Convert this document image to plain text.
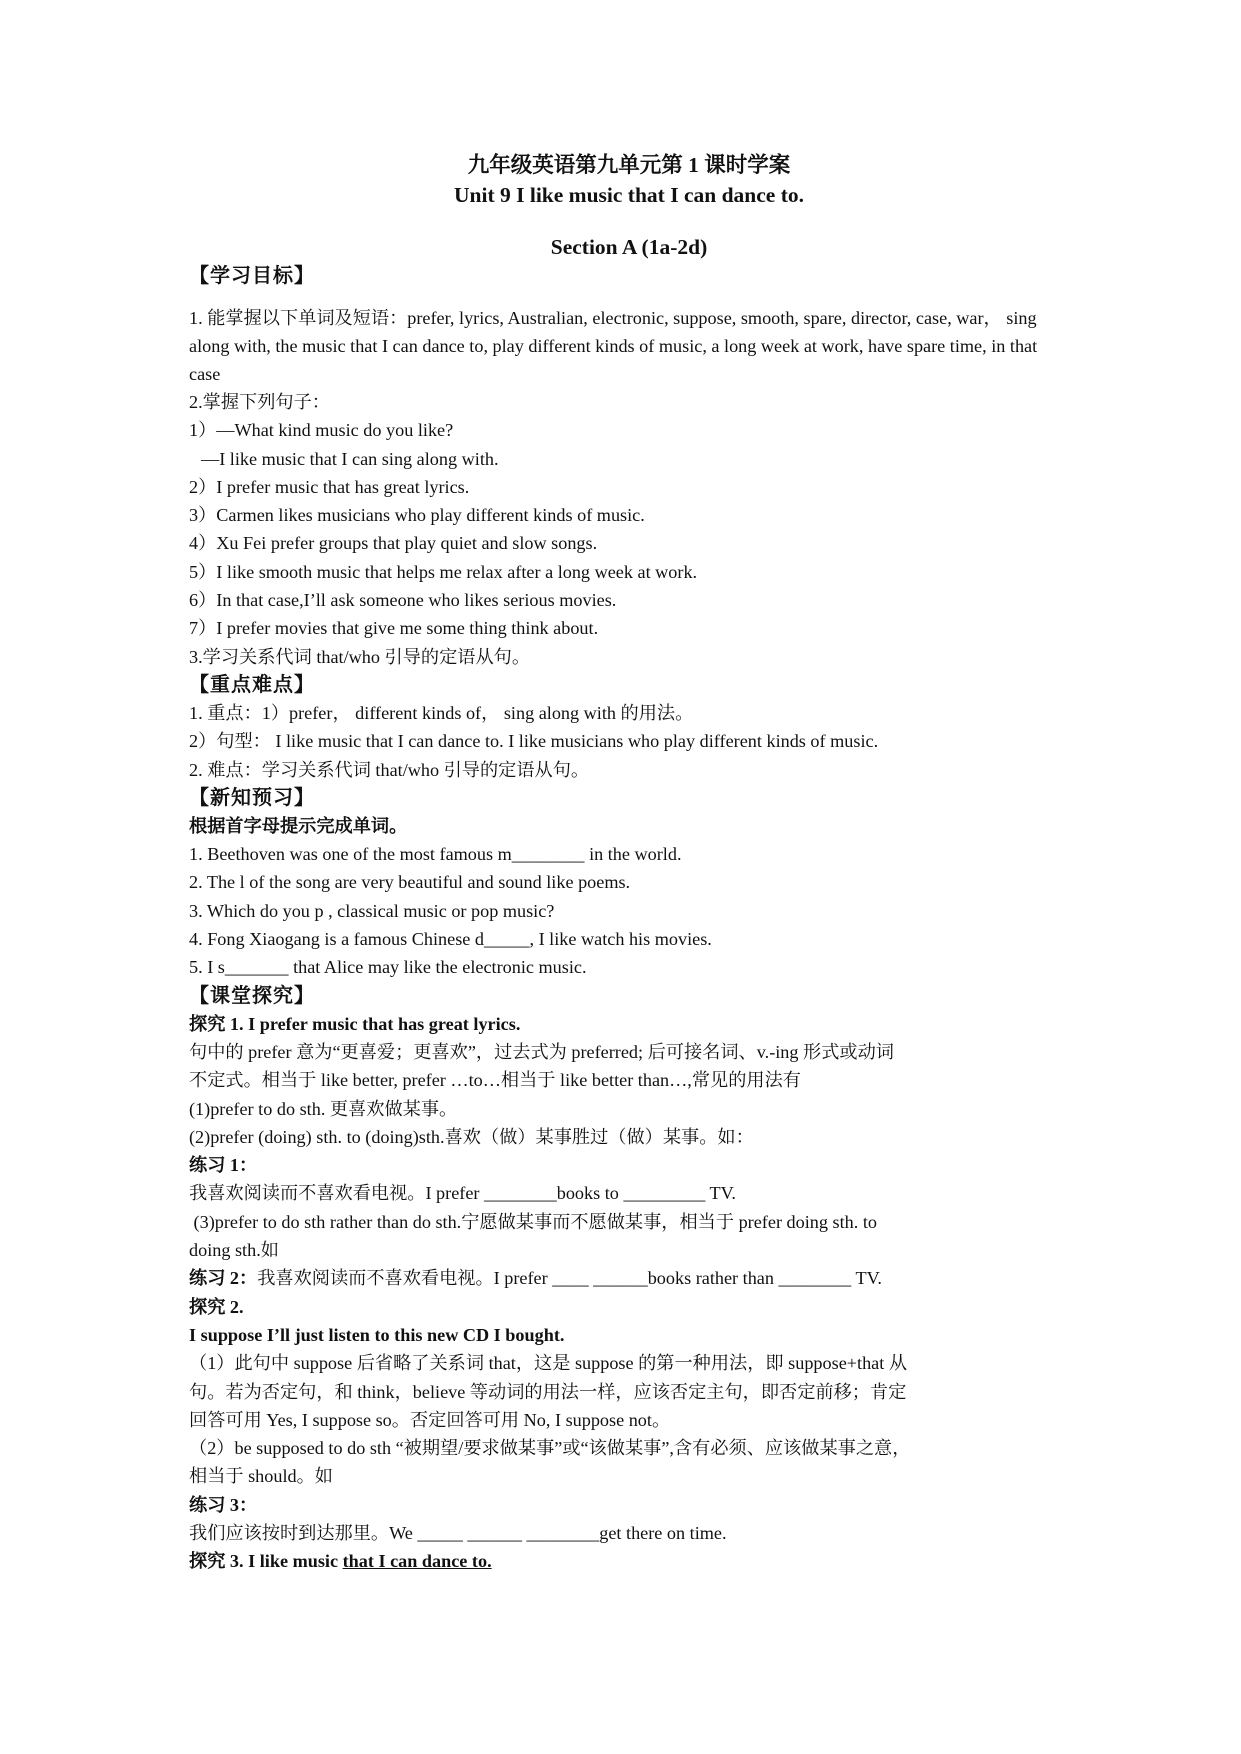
九年级英语第九单元第 1 课时学案
Unit 9 I like music that I can dance to.
Section A (1a-2d)
【学习目标】
1. 能掌握以下单词及短语：prefer, lyrics, Australian, electronic, suppose, smooth, spare, director, case, war， sing along with, the music that I can dance to, play different kinds of music, a long week at work, have spare time, in that case
2.掌握下列句子：
1）—What kind music do you like?
—I like music that I can sing along with.
2）I prefer music that has great lyrics.
3）Carmen likes musicians who play different kinds of music.
4）Xu Fei prefer groups that play quiet and slow songs.
5）I like smooth music that helps me relax after a long week at work.
6）In that case,I’ll ask someone who likes serious movies.
7）I prefer movies that give me some thing think about.
3.学习关系代词 that/who 引导的定语从句。
【重点难点】
1. 重点：1）prefer， different kinds of， sing along with 的用法。
2）句型： I like music that I can dance to. I like musicians who play different kinds of music.
2. 难点：学习关系代词 that/who 引导的定语从句。
【新知预习】
根据首字母提示完成单词。
1. Beethoven was one of the most famous m________ in the world.
2. The l of the song are very beautiful and sound like poems.
3. Which do you p , classical music or pop music?
4. Fong Xiaogang is a famous Chinese d_____, I like watch his movies.
5. I s_______ that Alice may like the electronic music.
【课堂探究】
探究 1. I prefer music that has great lyrics.
句中的 prefer 意为“更喜爱；更喜欢”，过去式为 preferred; 后可接名词、v.-ing 形式或动词
不定式。相当于 like better, prefer …to…相当于 like better than…,常见的用法有
(1)prefer to do sth. 更喜欢做某事。
(2)prefer (doing) sth. to (doing)sth.喜欢（做）某事胜过（做）某事。如：
练习 1：
我喜欢阅读而不喜欢看电视。I prefer ________books to _________ TV.
(3)prefer to do sth rather than do sth.宁愿做某事而不愿做某事，相当于 prefer doing sth. to
doing sth.如
练习 2：我喜欢阅读而不喜欢看电视。I prefer ____ ______books rather than ________ TV.
探究 2.
I suppose I’ll just listen to this new CD I bought.
（1）此句中 suppose 后省略了关系词 that，这是 suppose 的第一种用法，即 suppose+that 从
句。若为否定句，和 think，believe 等动词的用法一样，应该否定主句，即否定前移；肯定
回答可用 Yes, I suppose so。否定回答可用 No, I suppose not。
（2）be supposed to do sth “被期望/要求做某事”或“该做某事”,含有必须、应该做某事之意，
相当于 should。如
练习 3：
我们应该按时到达那里。We _____ ______ ________get there on time.
探究 3. I like music that I can dance to.
